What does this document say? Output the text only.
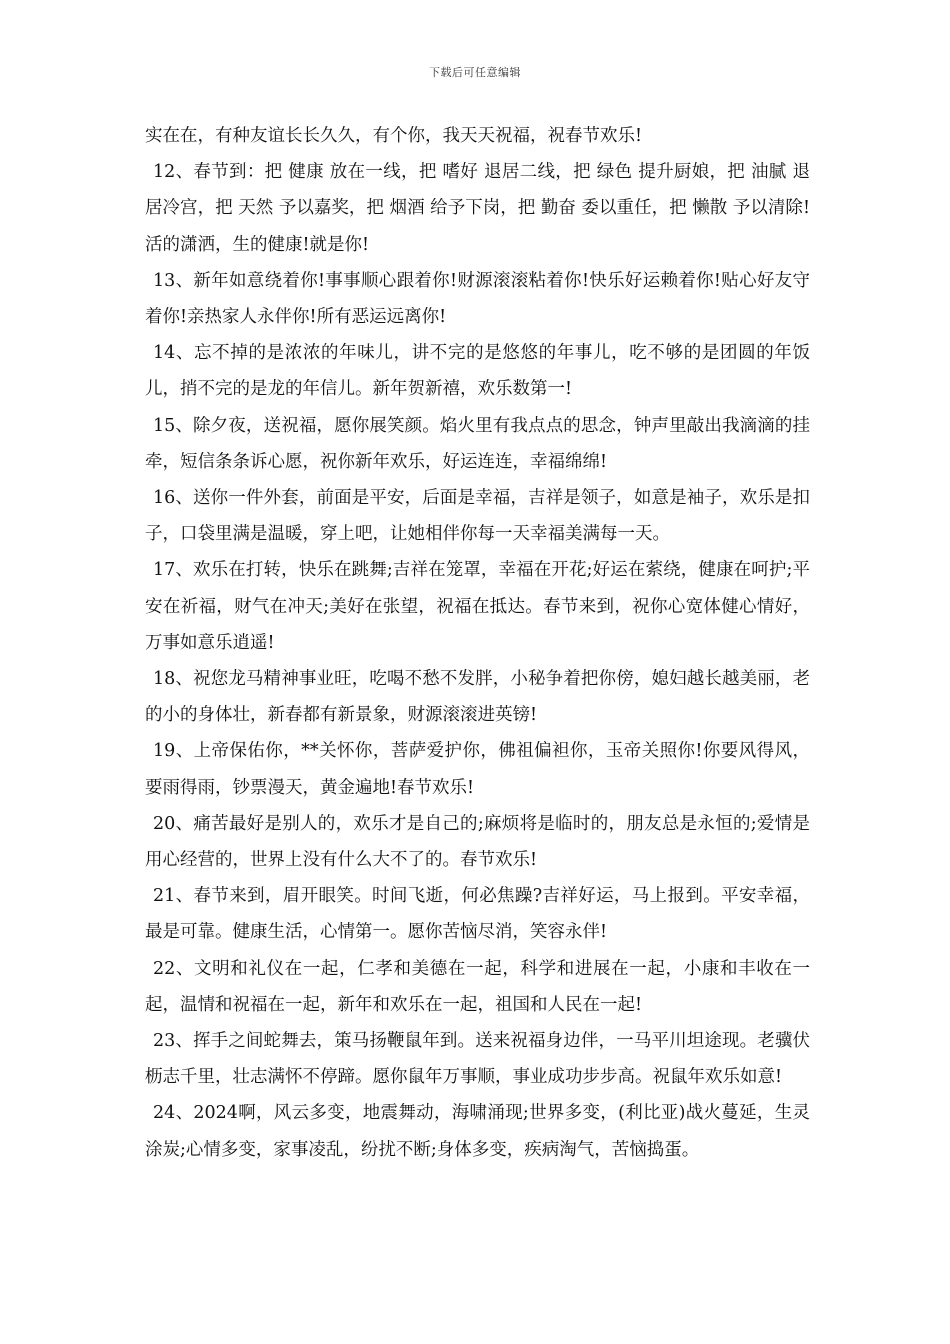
下载后可任意编辑

实在在，有种友谊长长久久，有个你，我天天祝福，祝春节欢乐!

12、春节到：把 健康 放在一线，把 嗜好 退居二线，把 绿色 提升厨娘，把 油腻 退居冷宫，把 天然 予以嘉奖，把 烟酒 给予下岗，把 勤奋 委以重任，把 懒散 予以清除!活的潇洒，生的健康!就是你!

13、新年如意绕着你!事事顺心跟着你!财源滚滚粘着你!快乐好运赖着你!贴心好友守着你!亲热家人永伴你!所有恶运远离你!

14、忘不掉的是浓浓的年味儿，讲不完的是悠悠的年事儿，吃不够的是团圆的年饭儿，捎不完的是龙的年信儿。新年贺新禧，欢乐数第一!

15、除夕夜，送祝福，愿你展笑颜。焰火里有我点点的思念，钟声里敲出我滴滴的挂牵，短信条条诉心愿，祝你新年欢乐，好运连连，幸福绵绵!

16、送你一件外套，前面是平安，后面是幸福，吉祥是领子，如意是袖子，欢乐是扣子，口袋里满是温暖，穿上吧，让她相伴你每一天幸福美满每一天。

17、欢乐在打转，快乐在跳舞;吉祥在笼罩，幸福在开花;好运在萦绕，健康在呵护;平安在祈福，财气在冲天;美好在张望，祝福在抵达。春节来到，祝你心宽体健心情好，万事如意乐逍遥!

18、祝您龙马精神事业旺，吃喝不愁不发胖，小秘争着把你傍，媳妇越长越美丽，老的小的身体壮，新春都有新景象，财源滚滚进英镑!

19、上帝保佑你，**关怀你，菩萨爱护你，佛祖偏袒你，玉帝关照你!你要风得风，要雨得雨，钞票漫天，黄金遍地!春节欢乐!

20、痛苦最好是别人的，欢乐才是自己的;麻烦将是临时的，朋友总是永恒的;爱情是用心经营的，世界上没有什么大不了的。春节欢乐!

21、春节来到，眉开眼笑。时间飞逝，何必焦躁?吉祥好运，马上报到。平安幸福，最是可靠。健康生活，心情第一。愿你苦恼尽消，笑容永伴!

22、文明和礼仪在一起，仁孝和美德在一起，科学和进展在一起，小康和丰收在一起，温情和祝福在一起，新年和欢乐在一起，祖国和人民在一起!

23、挥手之间蛇舞去，策马扬鞭鼠年到。送来祝福身边伴，一马平川坦途现。老骥伏枥志千里，壮志满怀不停蹄。愿你鼠年万事顺，事业成功步步高。祝鼠年欢乐如意!

24、2024啊，风云多变，地震舞动，海啸涌现;世界多变，(利比亚)战火蔓延，生灵涂炭;心情多变，家事凌乱，纷扰不断;身体多变，疾病淘气，苦恼捣蛋。
